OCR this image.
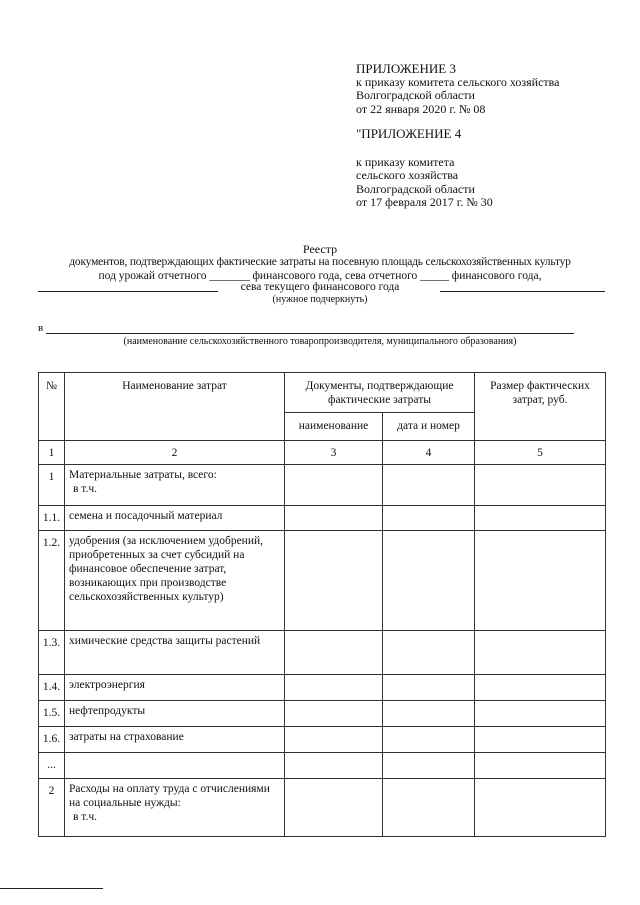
ПРИЛОЖЕНИЕ 3
к приказу комитета сельского хозяйства
Волгоградской области
от 22 января 2020 г. № 08
"ПРИЛОЖЕНИЕ 4
к приказу комитета
сельского хозяйства
Волгоградской области
от 17 февраля 2017 г. № 30
Реестр
документов, подтверждающих фактические затраты на посевную площадь сельскохозяйственных культур
под урожай отчетного _______ финансового года, сева отчетного _____ финансового года,
сева текущего финансового года
(нужное подчеркнуть)
в
(наименование сельскохозяйственного товаропроизводителя, муниципального образования)
№	Наименование затрат	Документы, подтверждающие фактические затраты		Размер фактических затрат, руб.
		наименование	дата и номер	
1	2	3	4	5
1	Материальные затраты, всего:
в т.ч.			

1.1.	семена и посадочный материал			
1.2.	удобрения (за исключением удобрений, приобретенных за счет субсидий на финансовое обеспечение затрат, возникающих при производстве сельскохозяйственных культур)			
1.3.	химические средства защиты растений			
1.4.	электроэнергия			
1.5.	нефтепродукты			
1.6.	затраты на страхование			
...				
2	Расходы на оплату труда с отчислениями на социальные нужды:
в т.ч.			
